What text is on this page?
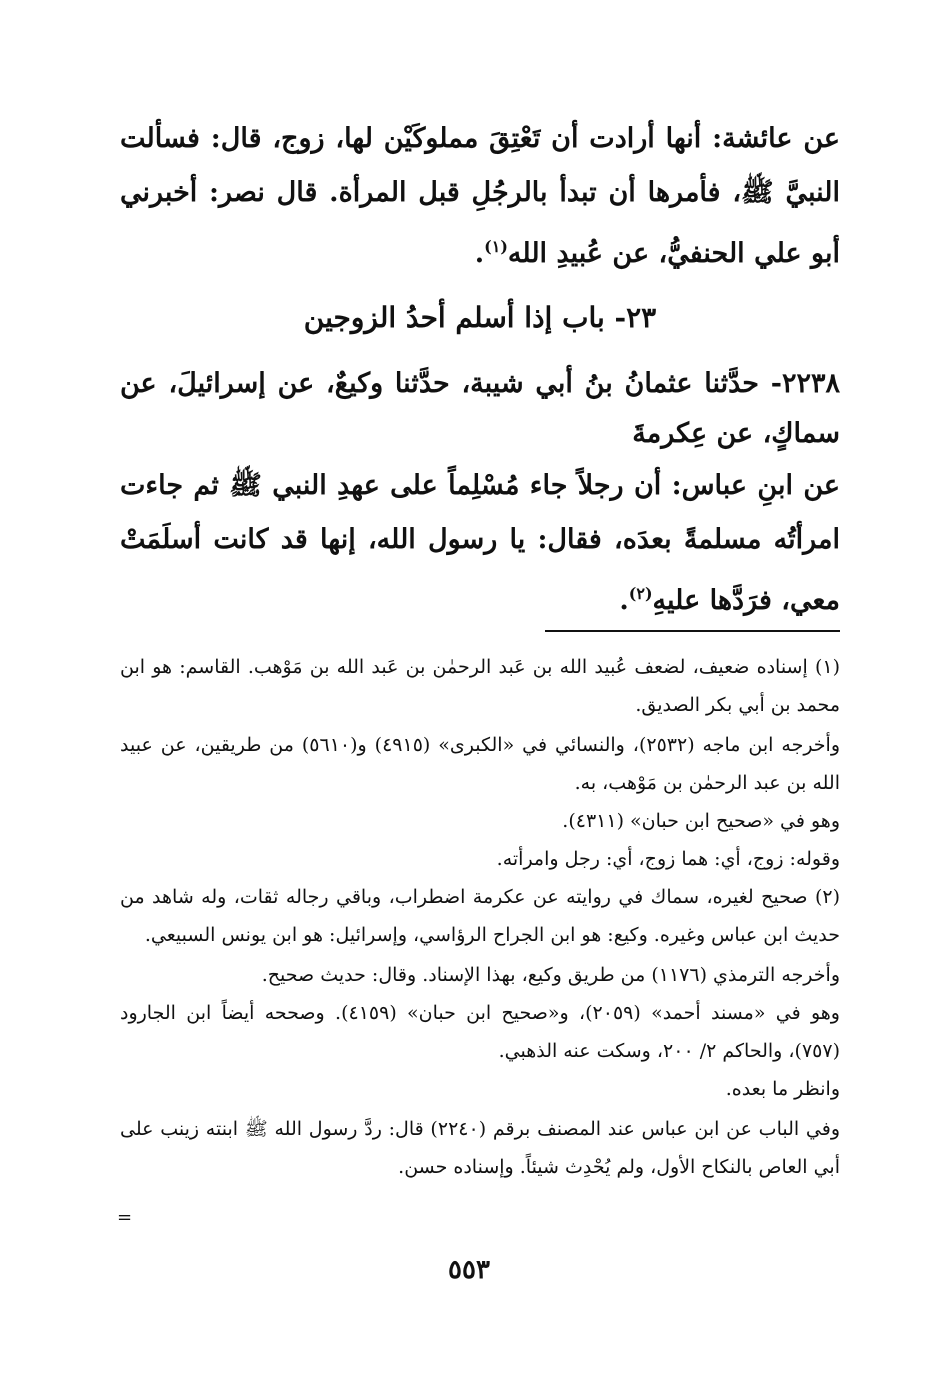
عن عائشة: أنها أرادت أن تَعْتِقَ مملوكَيْن لها، زوج، قال: فسألت النبيَّ ﷺ، فأمرها أن تبدأ بالرجُلِ قبل المرأة. قال نصر: أخبرني أبو علي الحنفيُّ، عن عُبيدِ الله$^{(١)}$.

٢٣- باب إذا أسلم أحدُ الزوجين

٢٢٣٨- حدَّثنا عثمانُ بنُ أبي شيبة، حدَّثنا وكيعٌ، عن إسرائيلَ، عن سماكٍ، عن عِكرمةَ

عن ابنِ عباس: أن رجلاً جاء مُسْلِماً على عهدِ النبي ﷺ ثم جاءت امرأتُه مسلمةً بعدَه، فقال: يا رسول الله، إنها قد كانت أسلَمَتْ معي، فرَدَّها عليهِ$^{(٢)}$.

(١) إسناده ضعيف، لضعف عُبيد الله بن عَبد الرحمٰن بن عَبد الله بن مَوْهب. القاسم: هو ابن محمد بن أبي بكر الصديق.

وأخرجه ابن ماجه (٢٥٣٢)، والنسائي في «الكبرى» (٤٩١٥) و(٥٦١٠) من طريقين، عن عبيد الله بن عبد الرحمٰن بن مَوْهب، به.

وهو في «صحيح ابن حبان» (٤٣١١).

وقوله: زوج، أي: هما زوج، أي: رجل وامرأته.

(٢) صحيح لغيره، سماك في روايته عن عكرمة اضطراب، وباقي رجاله ثقات، وله شاهد من حديث ابن عباس وغيره. وكيع: هو ابن الجراح الرؤاسي، وإسرائيل: هو ابن يونس السبيعي.

وأخرجه الترمذي (١١٧٦) من طريق وكيع، بهذا الإسناد. وقال: حديث صحيح.

وهو في «مسند أحمد» (٢٠٥٩)، و«صحيح ابن حبان» (٤١٥٩). وصححه أيضاً ابن الجارود (٧٥٧)، والحاكم ٢/ ٢٠٠، وسكت عنه الذهبي.

وانظر ما بعده.

وفي الباب عن ابن عباس عند المصنف برقم (٢٢٤٠) قال: ردَّ رسول الله ﷺ ابنته زينب على أبي العاص بالنكاح الأول، ولم يُحْدِث شيئاً. وإسناده حسن.

=
٥٥٣
